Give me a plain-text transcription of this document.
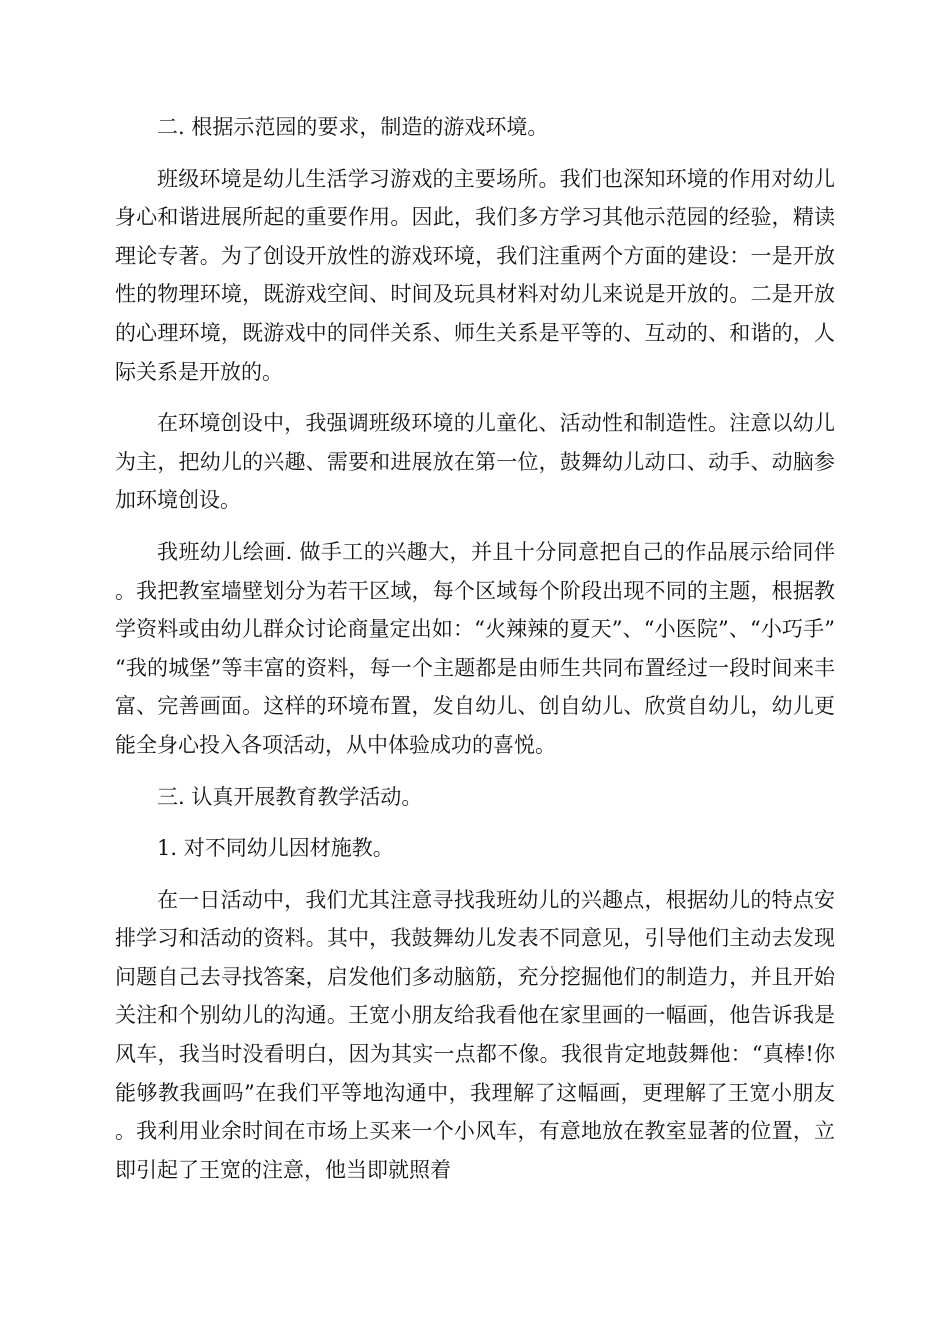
二. 根据示范园的要求，制造的游戏环境。

班级环境是幼儿生活学习游戏的主要场所。我们也深知环境的作用对幼儿身心和谐进展所起的重要作用。因此，我们多方学习其他示范园的经验，精读理论专著。为了创设开放性的游戏环境，我们注重两个方面的建设：一是开放性的物理环境，既游戏空间、时间及玩具材料对幼儿来说是开放的。二是开放的心理环境，既游戏中的同伴关系、师生关系是平等的、互动的、和谐的，人际关系是开放的。

在环境创设中，我强调班级环境的儿童化、活动性和制造性。注意以幼儿为主，把幼儿的兴趣、需要和进展放在第一位，鼓舞幼儿动口、动手、动脑参加环境创设。

我班幼儿绘画. 做手工的兴趣大，并且十分同意把自己的作品展示给同伴。我把教室墙壁划分为若干区域，每个区域每个阶段出现不同的主题，根据教学资料或由幼儿群众讨论商量定出如：“火辣辣的夏天”、“小医院”、“小巧手”“我的城堡”等丰富的资料，每一个主题都是由师生共同布置经过一段时间来丰富、完善画面。这样的环境布置，发自幼儿、创自幼儿、欣赏自幼儿，幼儿更能全身心投入各项活动，从中体验成功的喜悦。

三. 认真开展教育教学活动。

1. 对不同幼儿因材施教。

在一日活动中，我们尤其注意寻找我班幼儿的兴趣点，根据幼儿的特点安排学习和活动的资料。其中，我鼓舞幼儿发表不同意见，引导他们主动去发现问题自己去寻找答案，启发他们多动脑筋，充分挖掘他们的制造力，并且开始关注和个别幼儿的沟通。王宽小朋友给我看他在家里画的一幅画，他告诉我是风车，我当时没看明白，因为其实一点都不像。我很肯定地鼓舞他：“真棒!你能够教我画吗”在我们平等地沟通中，我理解了这幅画，更理解了王宽小朋友。我利用业余时间在市场上买来一个小风车，有意地放在教室显著的位置，立即引起了王宽的注意，他当即就照着
